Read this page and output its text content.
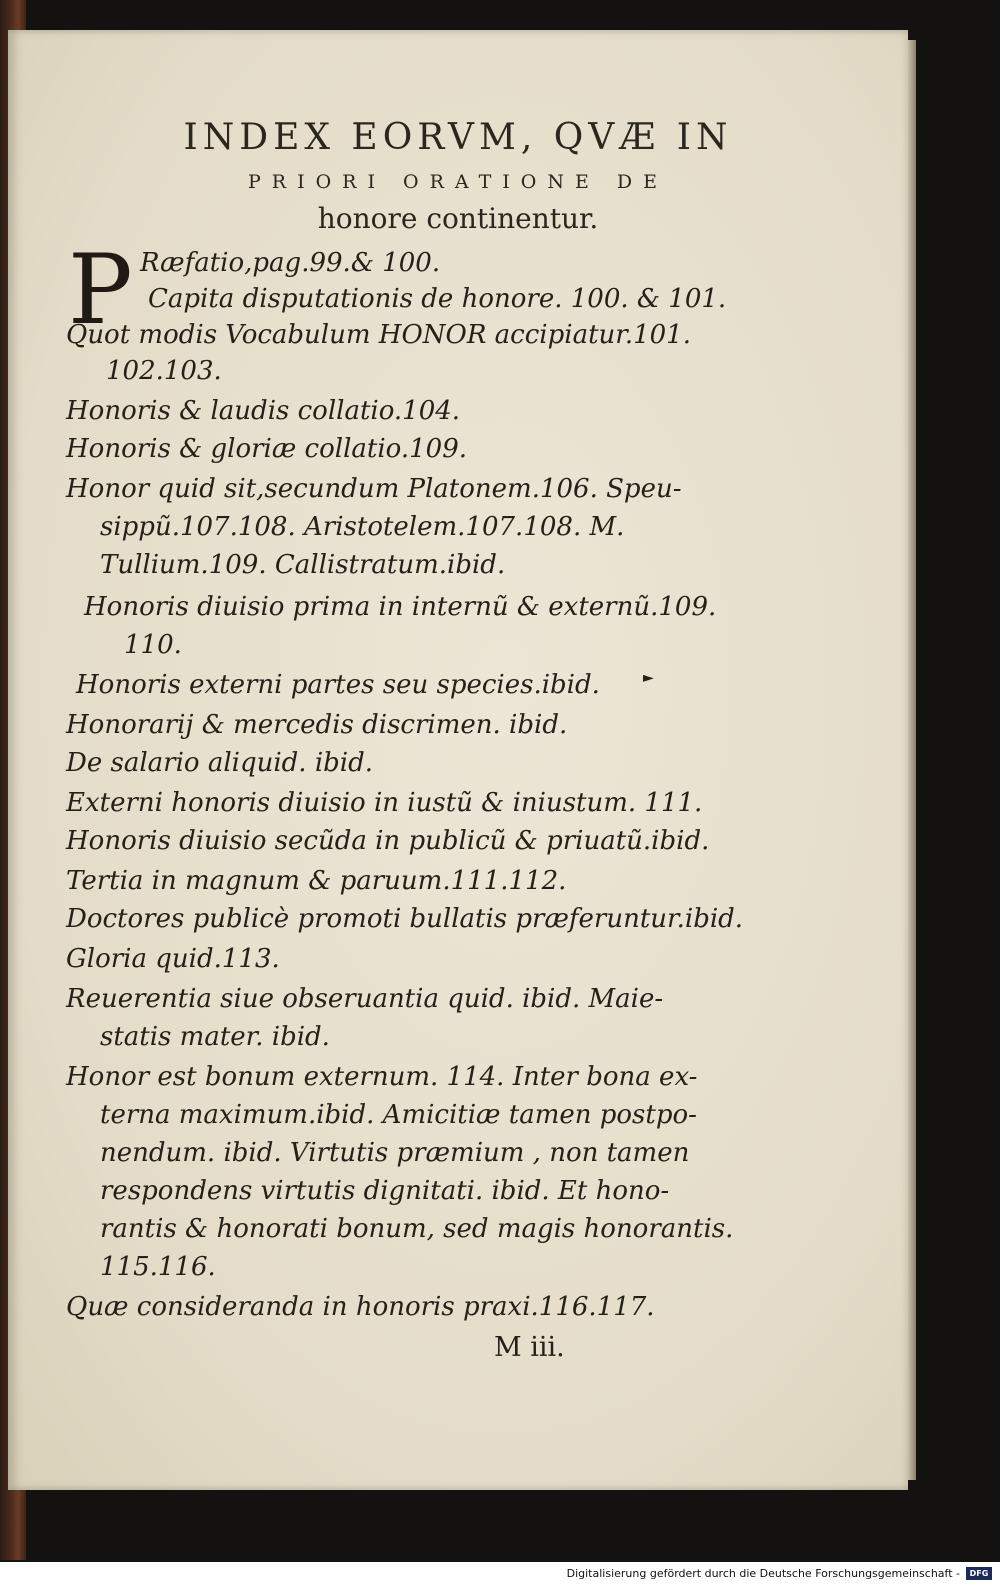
INDEX EORVM, QVÆ IN
PRIORI ORATIONE DE
honore continentur.
P Ræfatio,pag.99.& 100.
Capita disputationis de honore. 100. & 101.
Quot modis Vocabulum HONOR accipiatur.101.
102.103.
Honoris & laudis collatio.104.
Honoris & gloriæ collatio.109.
Honor quid sit,secundum Platonem.106. Speu-
sippũ.107.108. Aristotelem.107.108. M.
Tullium.109. Callistratum.ibid.
Honoris diuisio prima in internũ & externũ.109.
110.
Honoris externi partes seu species.ibid.
Honorarij & mercedis discrimen. ibid.
De salario aliquid. ibid.
Externi honoris diuisio in iustũ & iniustum. 111.
Honoris diuisio secũda in publicũ & priuatũ.ibid.
Tertia in magnum & paruum.111.112.
Doctores publicè promoti bullatis præferuntur.ibid.
Gloria quid.113.
Reuerentia siue obseruantia quid. ibid. Maie-
statis mater. ibid.
Honor est bonum externum. 114. Inter bona ex-
terna maximum.ibid. Amicitiæ tamen postpo-
nendum. ibid. Virtutis præmium , non tamen
respondens virtutis dignitati. ibid. Et hono-
rantis & honorati bonum, sed magis honorantis.
115.116.
Quæ consideranda in honoris praxi.116.117.
M iii.
►
Digitalisierung gefördert durch die Deutsche Forschungsgemeinschaft -	DFG
